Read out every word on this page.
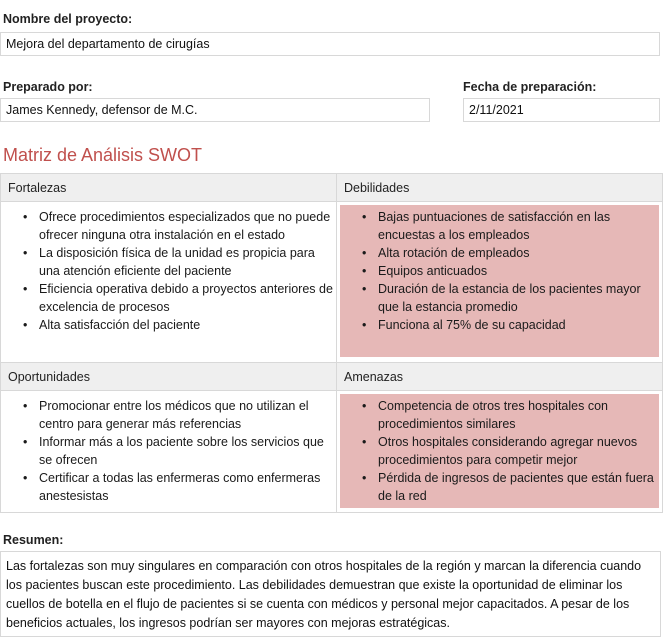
Nombre del proyecto:
Mejora del departamento de cirugías
Preparado por:
James Kennedy, defensor de M.C.
Fecha de preparación:
2/11/2021
Matriz de Análisis SWOT
Fortalezas
• Ofrece procedimientos especializados que no puede ofrecer ninguna otra instalación en el estado
• La disposición física de la unidad es propicia para una atención eficiente del paciente
• Eficiencia operativa debido a proyectos anteriores de excelencia de procesos
• Alta satisfacción del paciente
Debilidades
• Bajas puntuaciones de satisfacción en las encuestas a los empleados
• Alta rotación de empleados
• Equipos anticuados
• Duración de la estancia de los pacientes mayor que la estancia promedio
• Funciona al 75% de su capacidad
Oportunidades
• Promocionar entre los médicos que no utilizan el centro para generar más referencias
• Informar más a los paciente sobre los servicios que se ofrecen
• Certificar a todas las enfermeras como enfermeras anestesistas
Amenazas
• Competencia de otros tres hospitales con procedimientos similares
• Otros hospitales considerando agregar nuevos procedimientos para competir mejor
• Pérdida de ingresos de pacientes que están fuera de la red
Resumen:
Las fortalezas son muy singulares en comparación con otros hospitales de la región y marcan la diferencia cuando los pacientes buscan este procedimiento. Las debilidades demuestran que existe la oportunidad de eliminar los cuellos de botella en el flujo de pacientes si se cuenta con médicos y personal mejor capacitados. A pesar de los beneficios actuales, los ingresos podrían ser mayores con mejoras estratégicas.
